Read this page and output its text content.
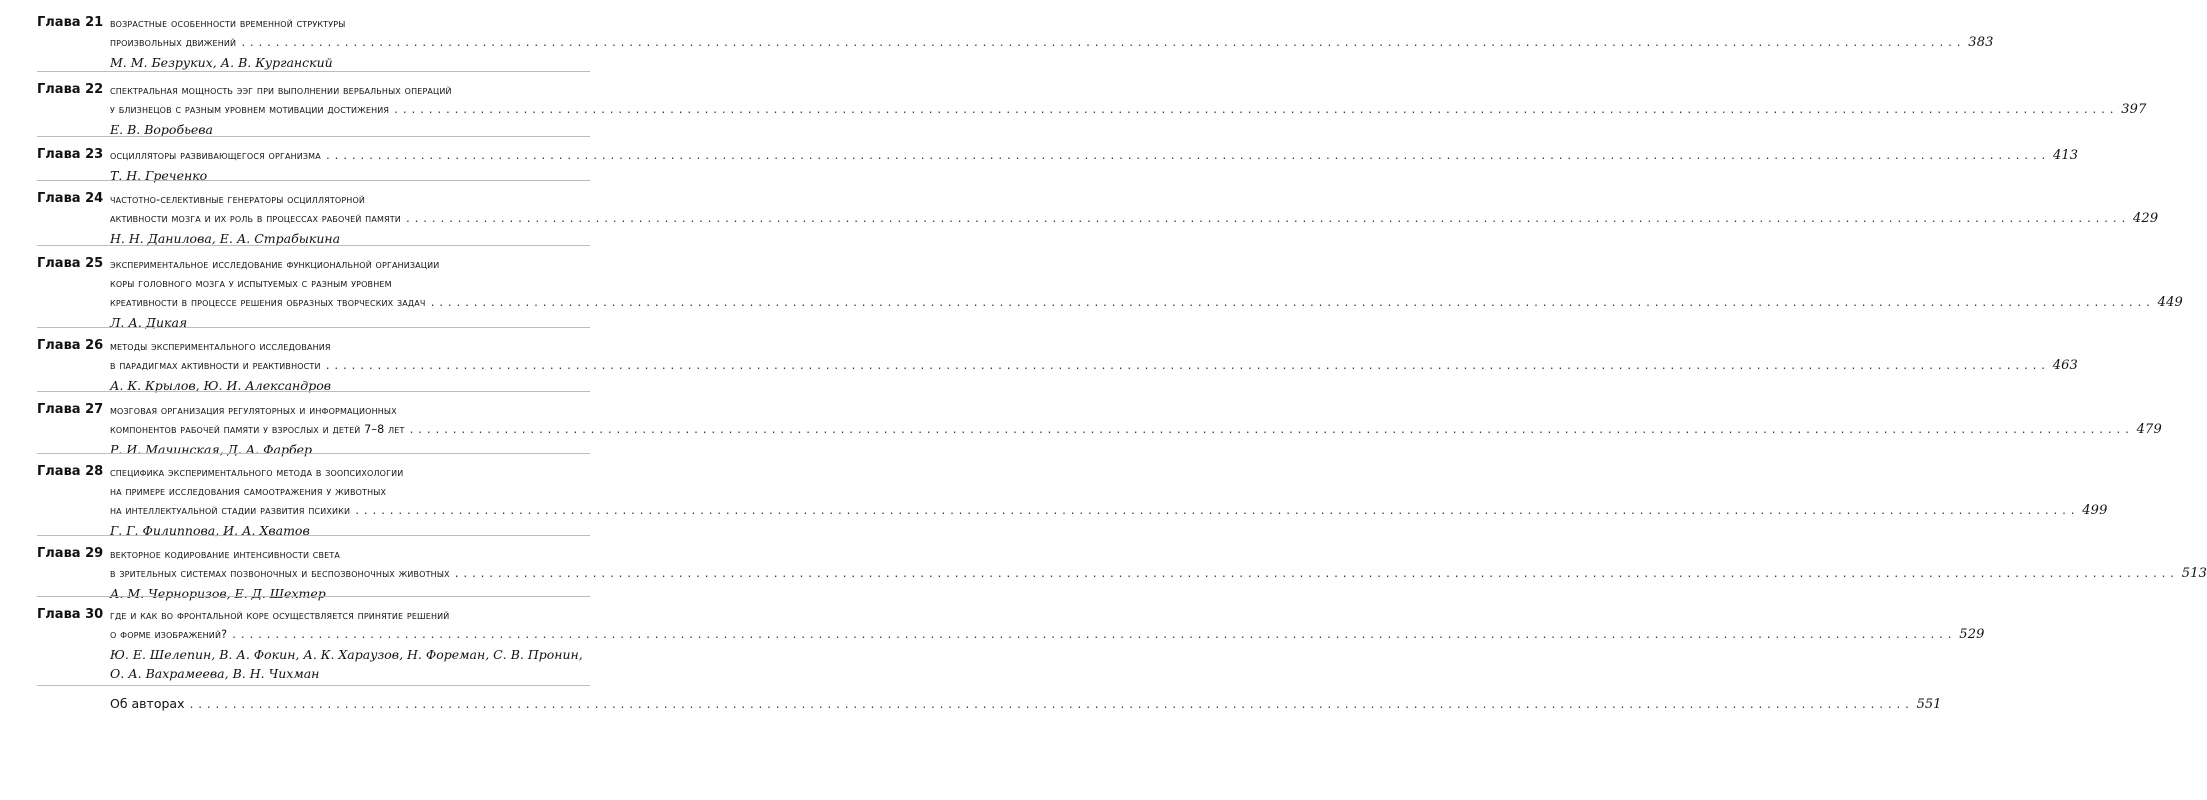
Глава 21 возрастные особенности временной структуры
произвольных движений ........................................................................................................................................................................................................ 383
М. М. Безруких, А. В. Курганский
Глава 22 спектральная мощность ээг при выполнении вербальных операций
у близнецов с разным уровнем мотивации достижения ........................................................................................................................................................................................................ 397
Е. В. Воробьева
Глава 23 осцилляторы развивающегося организма ........................................................................................................................................................................................................ 413
Т. Н. Греченко
Глава 24 частотно-селективные генераторы осцилляторной
активности мозга и их роль в процессах рабочей памяти ........................................................................................................................................................................................................ 429
Н. Н. Данилова, Е. А. Страбыкина
Глава 25 экспериментальное исследование функциональной организации
коры головного мозга у испытуемых с разным уровнем
креативности в процессе решения образных творческих задач ........................................................................................................................................................................................................ 449
Л. А. Дикая
Глава 26 методы экспериментального исследования
в парадигмах активности и реактивности ........................................................................................................................................................................................................ 463
А. К. Крылов, Ю. И. Александров
Глава 27 мозговая организация регуляторных и информационных
компонентов рабочей памяти у взрослых и детей 7–8 лет ........................................................................................................................................................................................................ 479
Р. И. Мачинская, Д. А. Фарбер
Глава 28 специфика экспериментального метода в зоопсихологии
на примере исследования самоотражения у животных
на интеллектуальной стадии развития психики ........................................................................................................................................................................................................ 499
Г. Г. Филиппова, И. А. Хватов
Глава 29 векторное кодирование интенсивности света
в зрительных системах позвоночных и беспозвоночных животных ........................................................................................................................................................................................................ 513
А. М. Черноризов, Е. Д. Шехтер
Глава 30 где и как во фронтальной коре осуществляется принятие решений
о форме изображений? ........................................................................................................................................................................................................ 529
Ю. Е. Шелепин, В. А. Фокин, А. К. Хараузов, Н. Фореман, С. В. Пронин,
О. А. Вахрамеева, В. Н. Чихман
Об авторах ........................................................................................................................................................................................................ 551
